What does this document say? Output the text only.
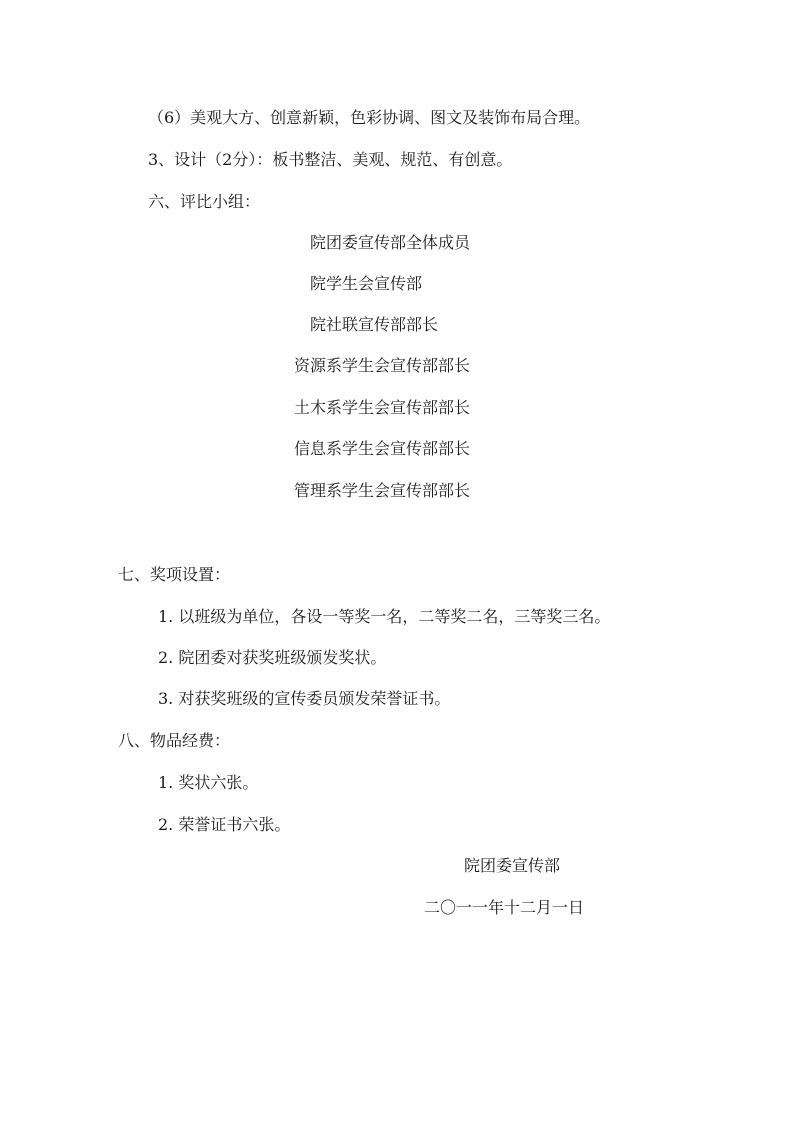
（6）美观大方、创意新颖，色彩协调、图文及装饰布局合理。
3、设计（2分）：板书整洁、美观、规范、有创意。
六、评比小组：
院团委宣传部全体成员
院学生会宣传部
院社联宣传部部长
资源系学生会宣传部部长
土木系学生会宣传部部长
信息系学生会宣传部部长
管理系学生会宣传部部长
七、奖项设置：
1. 以班级为单位，各设一等奖一名，二等奖二名，三等奖三名。
2. 院团委对获奖班级颁发奖状。
3. 对获奖班级的宣传委员颁发荣誉证书。
八、物品经费：
1. 奖状六张。
2. 荣誉证书六张。
院团委宣传部
二〇一一年十二月一日
